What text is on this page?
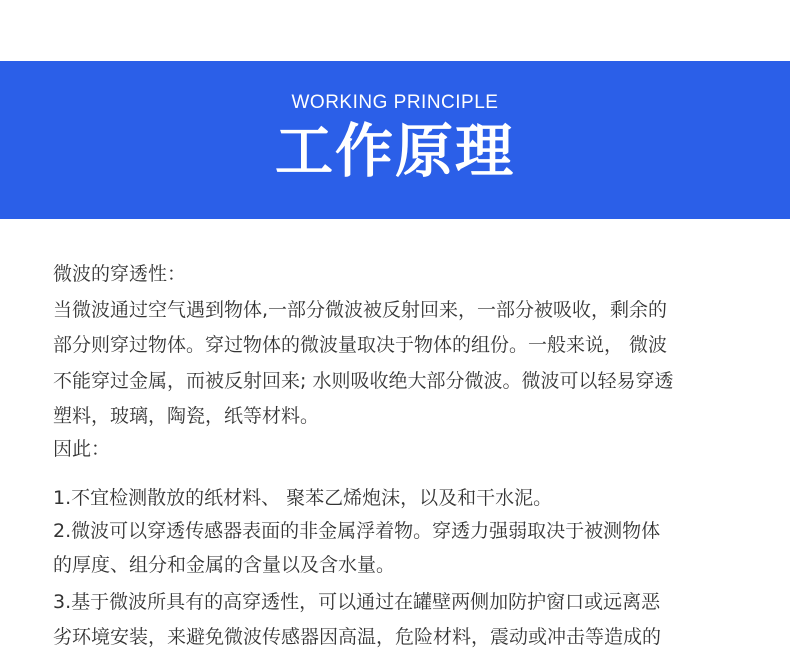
WORKING PRINCIPLE
工作原理
微波的穿透性：
当微波通过空气遇到物体,一部分微波被反射回来，一部分被吸收，剩余的
部分则穿过物体。穿过物体的微波量取决于物体的组份。一般来说， 微波
不能穿过金属，而被反射回来; 水则吸收绝大部分微波。微波可以轻易穿透
塑料，玻璃，陶瓷，纸等材料。
因此：
1.不宜检测散放的纸材料、 聚苯乙烯炮沫，以及和干水泥。
2.微波可以穿透传感器表面的非金属浮着物。穿透力强弱取决于被测物体
的厚度、组分和金属的含量以及含水量。
3.基于微波所具有的高穿透性，可以通过在罐壁两侧加防护窗口或远离恶
劣环境安装，来避免微波传感器因高温，危险材料，震动或冲击等造成的
